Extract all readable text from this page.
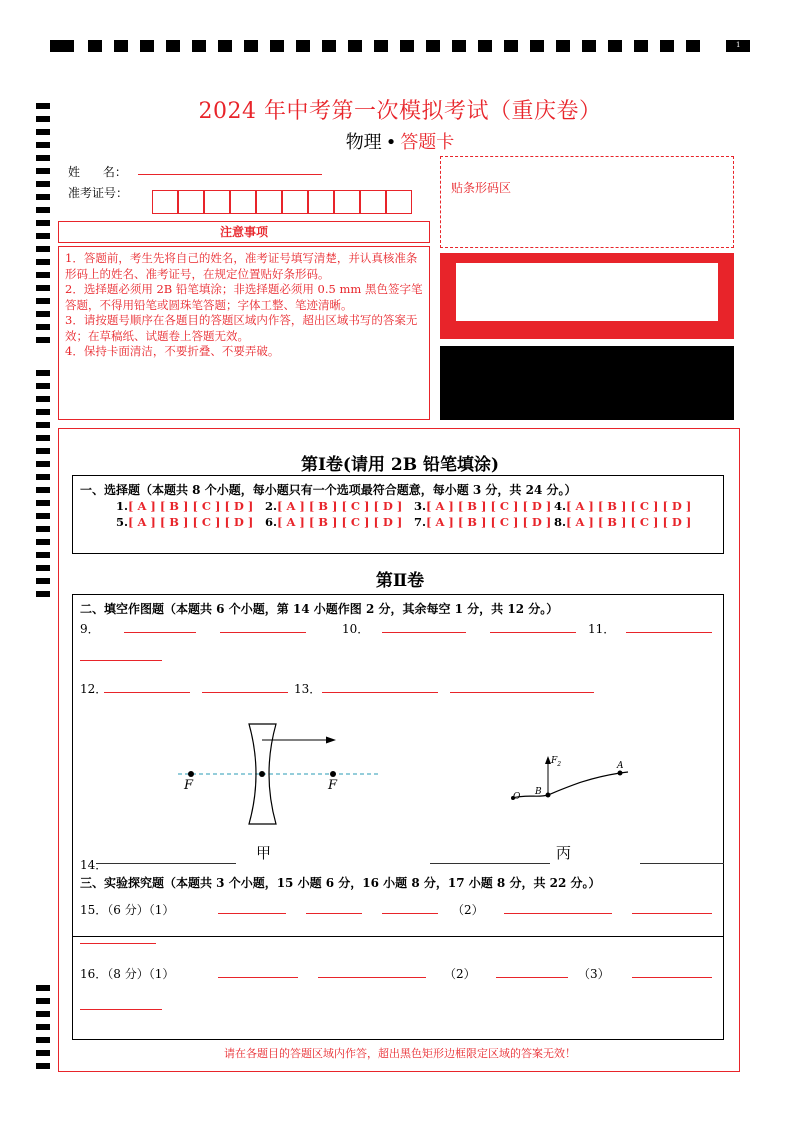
1
2024 年中考第一次模拟考试（重庆卷）
物理 • 答题卡
姓      名：
准考证号：	贴条形码区
注意事项

1．答题前，考生先将自己的姓名，准考证号填写清楚，并认真核准条形码上的姓名、准考证号，在规定位置贴好条形码。

2．选择题必须用 2B 铅笔填涂；非选择题必须用 0.5 mm 黑色签字笔答题，不得用铅笔或圆珠笔答题；字体工整、笔迹清晰。

3．请按题号顺序在各题目的答题区域内作答，超出区域书写的答案无效；在草稿纸、试题卷上答题无效。

4．保持卡面清洁，不要折叠、不要弄破。

第Ⅰ卷(请用 2B 铅笔填涂)
一、选择题（本题共 8 个小题，每小题只有一个选项最符合题意，每小题 3 分，共 24 分。）
1.[ A ] [ B ] [ C ] [ D ] 2.[ A ] [ B ] [ C ] [ D ] 3.[ A ] [ B ] [ C ] [ D ] 4.[ A ] [ B ] [ C ] [ D ]
5.[ A ] [ B ] [ C ] [ D ] 6.[ A ] [ B ] [ C ] [ D ] 7.[ A ] [ B ] [ C ] [ D ] 8.[ A ] [ B ] [ C ] [ D ]
第Ⅱ卷
二、填空作图题（本题共 6 个小题，第 14 小题作图 2 分，其余每空 1 分，共 12 分。）
9．	10．	11．
12．	13．
F	F
甲
$F_2$	A
B
O
丙
14．
三、实验探究题（本题共 3 个小题，15 小题 6 分，16 小题 8 分，17 小题 8 分，共 22 分。）
15．（6 分）（1）	（2）
16．（8 分）（1）	（2）	（3）
请在各题目的答题区域内作答，超出黑色矩形边框限定区域的答案无效！
